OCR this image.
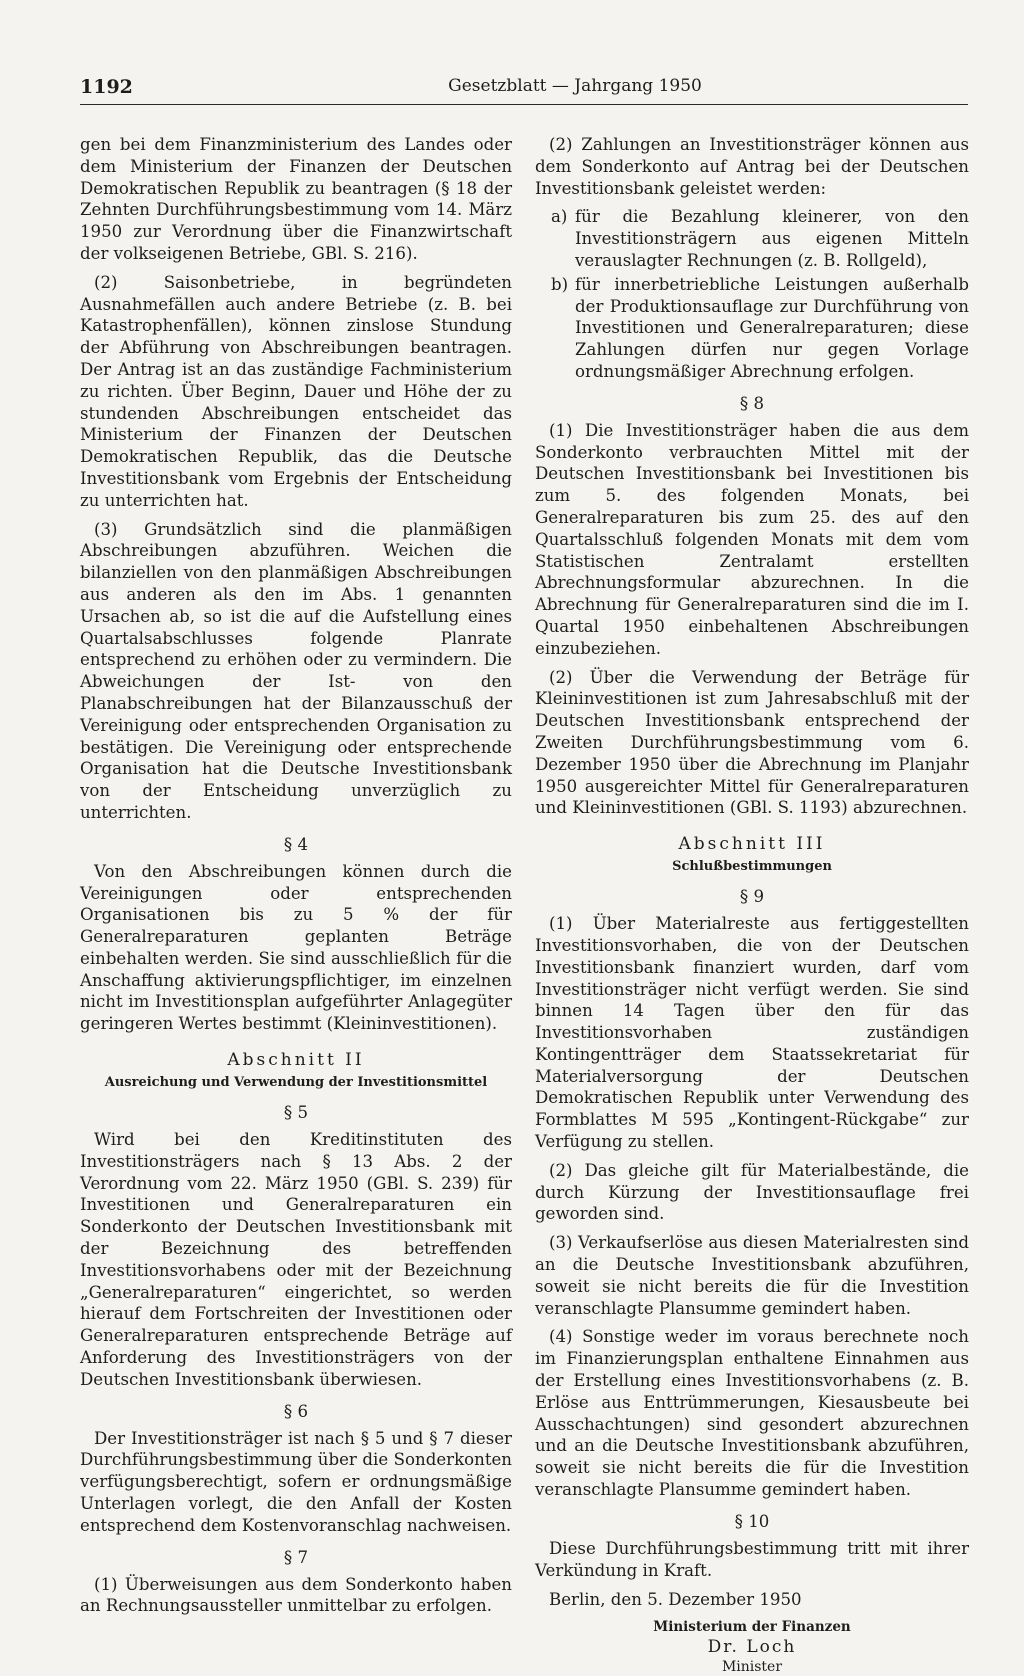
1192	Gesetzblatt — Jahrgang 1950

gen bei dem Finanzministerium des Landes oder dem Ministerium der Finanzen der Deutschen Demokratischen Republik zu beantragen (§ 18 der Zehnten Durchführungsbestimmung vom 14. März 1950 zur Verordnung über die Finanzwirtschaft der volkseigenen Betriebe, GBl. S. 216).

(2) Saisonbetriebe, in begründeten Ausnahmefällen auch andere Betriebe (z. B. bei Katastrophenfällen), können zinslose Stundung der Abführung von Abschreibungen beantragen. Der Antrag ist an das zuständige Fachministerium zu richten. Über Beginn, Dauer und Höhe der zu stundenden Abschreibungen entscheidet das Ministerium der Finanzen der Deutschen Demokratischen Republik, das die Deutsche Investitionsbank vom Ergebnis der Entscheidung zu unterrichten hat.

(3) Grundsätzlich sind die planmäßigen Abschreibungen abzuführen. Weichen die bilanziellen von den planmäßigen Abschreibungen aus anderen als den im Abs. 1 genannten Ursachen ab, so ist die auf die Aufstellung eines Quartalsabschlusses folgende Planrate entsprechend zu erhöhen oder zu vermindern. Die Abweichungen der Ist- von den Planabschreibungen hat der Bilanzausschuß der Vereinigung oder entsprechenden Organisation zu bestätigen. Die Vereinigung oder entsprechende Organisation hat die Deutsche Investitionsbank von der Entscheidung unverzüglich zu unterrichten.

§ 4

Von den Abschreibungen können durch die Vereinigungen oder entsprechenden Organisationen bis zu 5 % der für Generalreparaturen geplanten Beträge einbehalten werden. Sie sind ausschließlich für die Anschaffung aktivierungspflichtiger, im einzelnen nicht im Investitionsplan aufgeführter Anlagegüter geringeren Wertes bestimmt (Kleininvestitionen).

Abschnitt II
Ausreichung und Verwendung der Investitionsmittel
§ 5

Wird bei den Kreditinstituten des Investitionsträgers nach § 13 Abs. 2 der Verordnung vom 22. März 1950 (GBl. S. 239) für Investitionen und Generalreparaturen ein Sonderkonto der Deutschen Investitionsbank mit der Bezeichnung des betreffenden Investitionsvorhabens oder mit der Bezeichnung „Generalreparaturen“ eingerichtet, so werden hierauf dem Fortschreiten der Investitionen oder Generalreparaturen entsprechende Beträge auf Anforderung des Investitionsträgers von der Deutschen Investitionsbank überwiesen.

§ 6

Der Investitionsträger ist nach § 5 und § 7 dieser Durchführungsbestimmung über die Sonderkonten verfügungsberechtigt, sofern er ordnungsmäßige Unterlagen vorlegt, die den Anfall der Kosten entsprechend dem Kostenvoranschlag nachweisen.

§ 7

(1) Überweisungen aus dem Sonderkonto haben an Rechnungsaussteller unmittelbar zu erfolgen.

(2) Zahlungen an Investitionsträger können aus dem Sonderkonto auf Antrag bei der Deutschen Investitionsbank geleistet werden:

a) für die Bezahlung kleinerer, von den Investitionsträgern aus eigenen Mitteln verauslagter Rechnungen (z. B. Rollgeld),
b) für innerbetriebliche Leistungen außerhalb der Produktionsauflage zur Durchführung von Investitionen und Generalreparaturen; diese Zahlungen dürfen nur gegen Vorlage ordnungsmäßiger Abrechnung erfolgen.
§ 8

(1) Die Investitionsträger haben die aus dem Sonderkonto verbrauchten Mittel mit der Deutschen Investitionsbank bei Investitionen bis zum 5. des folgenden Monats, bei Generalreparaturen bis zum 25. des auf den Quartalsschluß folgenden Monats mit dem vom Statistischen Zentralamt erstellten Abrechnungsformular abzurechnen. In die Abrechnung für Generalreparaturen sind die im I. Quartal 1950 einbehaltenen Abschreibungen einzubeziehen.

(2) Über die Verwendung der Beträge für Kleininvestitionen ist zum Jahresabschluß mit der Deutschen Investitionsbank entsprechend der Zweiten Durchführungsbestimmung vom 6. Dezember 1950 über die Abrechnung im Planjahr 1950 ausgereichter Mittel für Generalreparaturen und Kleininvestitionen (GBl. S. 1193) abzurechnen.

Abschnitt III
Schlußbestimmungen
§ 9

(1) Über Materialreste aus fertiggestellten Investitionsvorhaben, die von der Deutschen Investitionsbank finanziert wurden, darf vom Investitionsträger nicht verfügt werden. Sie sind binnen 14 Tagen über den für das Investitionsvorhaben zuständigen Kontingentträger dem Staatssekretariat für Materialversorgung der Deutschen Demokratischen Republik unter Verwendung des Formblattes M 595 „Kontingent-Rückgabe“ zur Verfügung zu stellen.

(2) Das gleiche gilt für Materialbestände, die durch Kürzung der Investitionsauflage frei geworden sind.

(3) Verkaufserlöse aus diesen Materialresten sind an die Deutsche Investitionsbank abzuführen, soweit sie nicht bereits die für die Investition veranschlagte Plansumme gemindert haben.

(4) Sonstige weder im voraus berechnete noch im Finanzierungsplan enthaltene Einnahmen aus der Erstellung eines Investitionsvorhabens (z. B. Erlöse aus Enttrümmerungen, Kiesausbeute bei Ausschachtungen) sind gesondert abzurechnen und an die Deutsche Investitionsbank abzuführen, soweit sie nicht bereits die für die Investition veranschlagte Plansumme gemindert haben.

§ 10

Diese Durchführungsbestimmung tritt mit ihrer Verkündung in Kraft.

Berlin, den 5. Dezember 1950
Ministerium der Finanzen
Dr. Loch
Minister
